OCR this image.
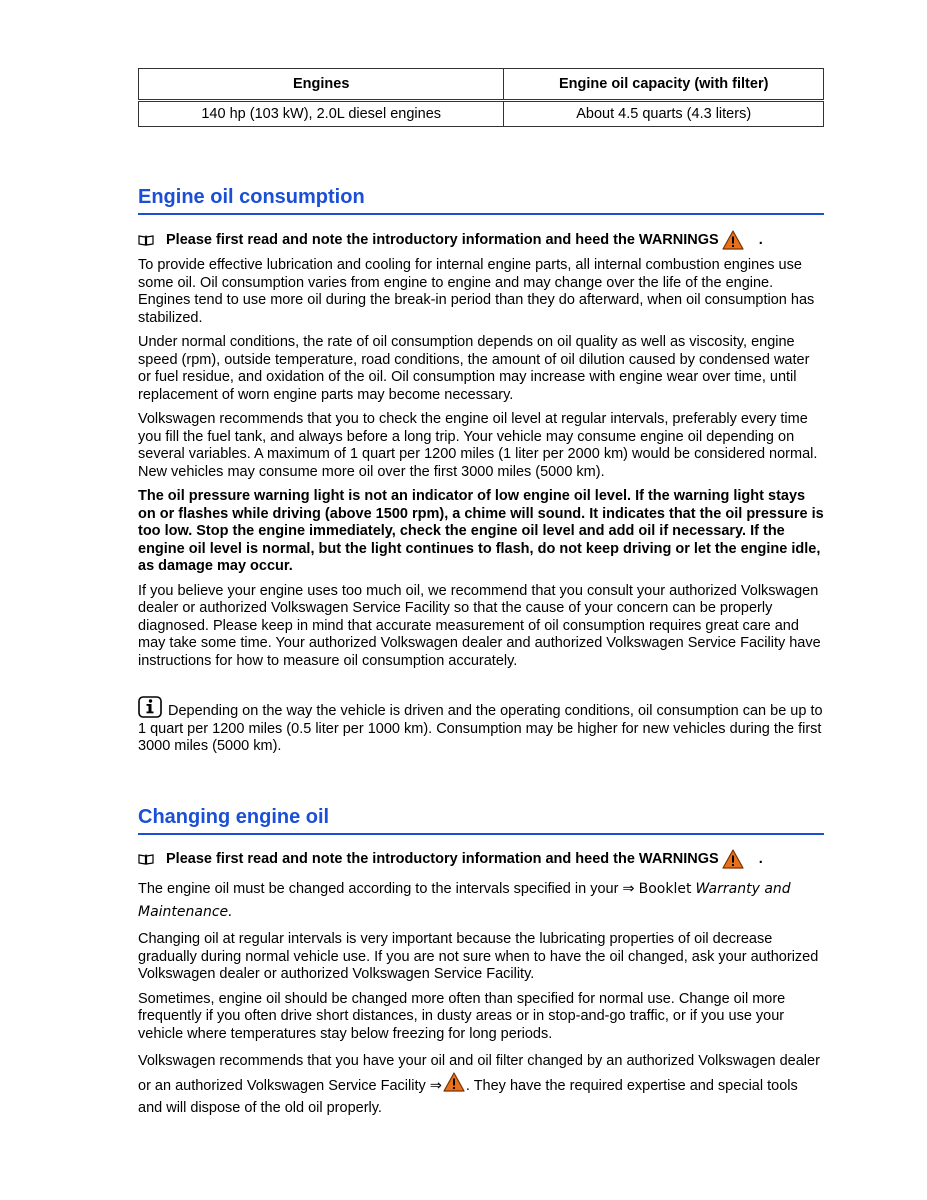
Engines	Engine oil capacity (with filter)
140 hp (103 kW), 2.0L diesel engines	About 4.5 quarts (4.3 liters)
Engine oil consumption
Please first read and note the introductory information and heed the WARNINGS	.

To provide effective lubrication and cooling for internal engine parts, all internal combustion engines use some oil. Oil consumption varies from engine to engine and may change over the life of the engine. Engines tend to use more oil during the break-in period than they do afterward, when oil consumption has stabilized.

Under normal conditions, the rate of oil consumption depends on oil quality as well as viscosity, engine speed (rpm), outside temperature, road conditions, the amount of oil dilution caused by condensed water or fuel residue, and oxidation of the oil. Oil consumption may increase with engine wear over time, until replacement of worn engine parts may become necessary.

Volkswagen recommends that you to check the engine oil level at regular intervals, preferably every time you fill the fuel tank, and always before a long trip. Your vehicle may consume engine oil depending on several variables. A maximum of 1 quart per 1200 miles (1 liter per 2000 km) would be considered normal. New vehicles may consume more oil over the first 3000 miles (5000 km).

The oil pressure warning light is not an indicator of low engine oil level. If the warning light stays on or flashes while driving (above 1500 rpm), a chime will sound. It indicates that the oil pressure is too low. Stop the engine immediately, check the engine oil level and add oil if necessary. If the engine oil level is normal, but the light continues to flash, do not keep driving or let the engine idle, as damage may occur.

If you believe your engine uses too much oil, we recommend that you consult your authorized Volkswagen dealer or authorized Volkswagen Service Facility so that the cause of your concern can be properly diagnosed. Please keep in mind that accurate measurement of oil consumption requires great care and may take some time. Your authorized Volkswagen dealer and authorized Volkswagen Service Facility have instructions for how to measure oil consumption accurately.

Depending on the way the vehicle is driven and the operating conditions, oil consumption can be up to 1 quart per 1200 miles (0.5 liter per 1000 km). Consumption may be higher for new vehicles during the first 3000 miles (5000 km).
Changing engine oil
Please first read and note the introductory information and heed the WARNINGS	.

The engine oil must be changed according to the intervals specified in your ⇒ Booklet Warranty and Maintenance.

Changing oil at regular intervals is very important because the lubricating properties of oil decrease gradually during normal vehicle use. If you are not sure when to have the oil changed, ask your authorized Volkswagen dealer or authorized Volkswagen Service Facility.

Sometimes, engine oil should be changed more often than specified for normal use. Change oil more frequently if you often drive short distances, in dusty areas or in stop-and-go traffic, or if you use your vehicle where temperatures stay below freezing for long periods.

Volkswagen recommends that you have your oil and oil filter changed by an authorized Volkswagen dealer or an authorized Volkswagen Service Facility ⇒ . They have the required expertise and special tools and will dispose of the old oil properly.
